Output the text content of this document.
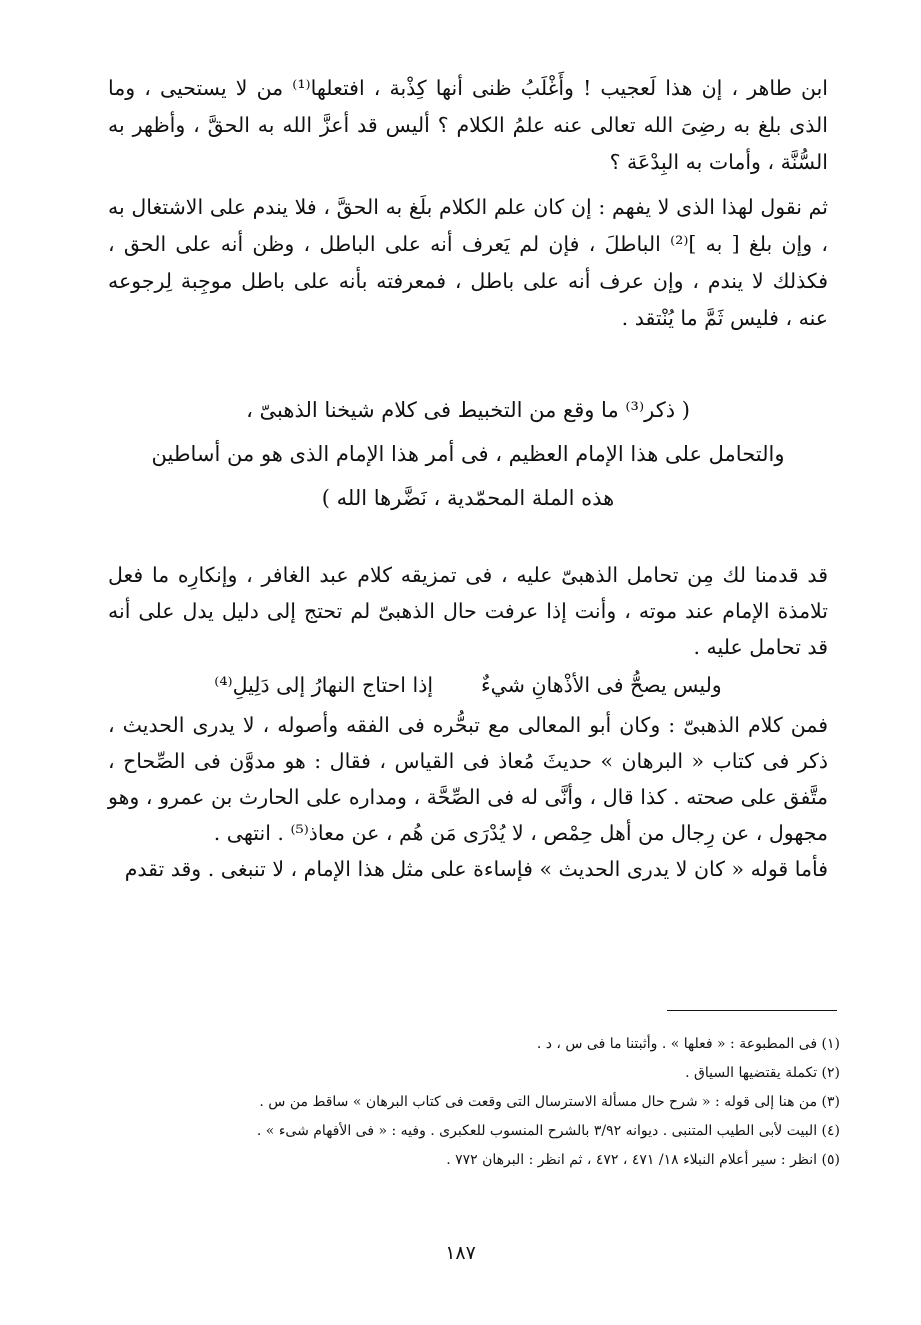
ابن طاهر ، إن هذا لَعجيب ! وأَغْلَبُ ظنى أنها كِذْبة ، افتعلها⁽¹⁾ من لا يستحيى ، وما الذى بلغ به رضِىَ الله تعالى عنه علمُ الكلام ؟ أليس قد أعزَّ الله به الحقَّ ، وأظهر به السُّنَّة ، وأمات به البِدْعَة ؟

ثم نقول لهذا الذى لا يفهم : إن كان علم الكلام بلَغ به الحقَّ ، فلا يندم على الاشتغال به ، وإن بلغ [ به ]⁽²⁾ الباطلَ ، فإن لم يَعرف أنه على الباطل ، وظن أنه على الحق ، فكذلك لا يندم ، وإن عرف أنه على باطل ، فمعرفته بأنه على باطل موجِبة لِرجوعه عنه ، فليس ثَمَّ ما يُنْتقد .

( ذكر⁽³⁾ ما وقع من التخبيط فى كلام شيخنا الذهبىّ ،
والتحامل على هذا الإمام العظيم ، فى أمر هذا الإمام الذى هو من أساطين
هذه الملة المحمّدية ، نَضَّرها الله )

قد قدمنا لك مِن تحامل الذهبىّ عليه ، فى تمزيقه كلام عبد الغافر ، وإنكارِه ما فعل تلامذة الإمام عند موته ، وأنت إذا عرفت حال الذهبىّ لم تحتج إلى دليل يدل على أنه قد تحامل عليه .

وليس يصحُّ فى الأذْهانِ شيءٌ
إذا احتاج النهارُ إلى دَلِيلِ⁽⁴⁾

فمن كلام الذهبىّ : وكان أبو المعالى مع تبحُّره فى الفقه وأصوله ، لا يدرى الحديث ، ذكر فى كتاب « البرهان » حديثَ مُعاذ فى القياس ، فقال : هو مدوَّن فى الصِّحاح ، متَّفق على صحته . كذا قال ، وأنَّى له فى الصِّحَّة ، ومداره على الحارث بن عمرو ، وهو مجهول ، عن رِجال من أهل حِمْص ، لا يُدْرَى مَن هُم ، عن معاذ⁽⁵⁾ . انتهى .

فأما قوله « كان لا يدرى الحديث » فإساءة على مثل هذا الإمام ، لا تنبغى . وقد تقدم

(١) فى المطبوعة : « فعلها » . وأثبتنا ما فى س ، د .
(٢) تكملة يقتضيها السياق .
(٣) من هنا إلى قوله : « شرح حال مسألة الاسترسال التى وقعت فى كتاب البرهان » ساقط من س .
(٤) البيت لأبى الطيب المتنبى . ديوانه ٣/٩٢ بالشرح المنسوب للعكبرى . وفيه : « فى الأفهام شىء » .
(٥) انظر : سير أعلام النبلاء ١٨/ ٤٧١ ، ٤٧٢ ، ثم انظر : البرهان ٧٧٢ .
١٨٧
